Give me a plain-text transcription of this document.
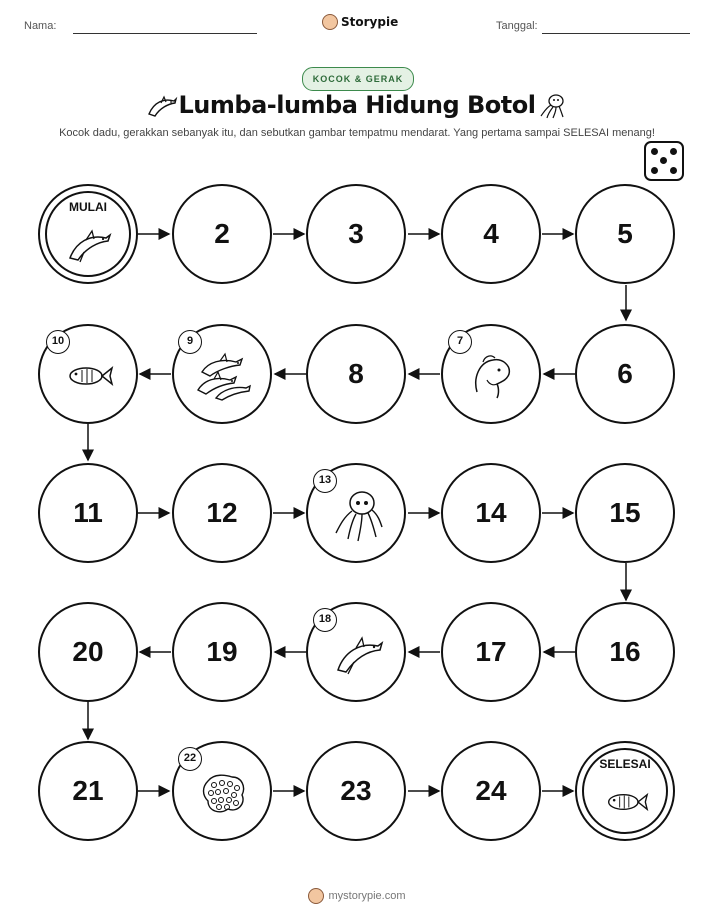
Nama:	Storypie	Tanggal:
KOCOK & GERAK
Lumba-lumba Hidung Botol
Kocok dadu, gerakkan sebanyak itu, dan sebutkan gambar tempatmu mendarat. Yang pertama sampai SELESAI menang!
MULAI
2	3	4	5
10	9
8
7
6
11	12
13
14	15
20	19
18
17	16
21
22
23	24
SELESAI
mystorypie.com
